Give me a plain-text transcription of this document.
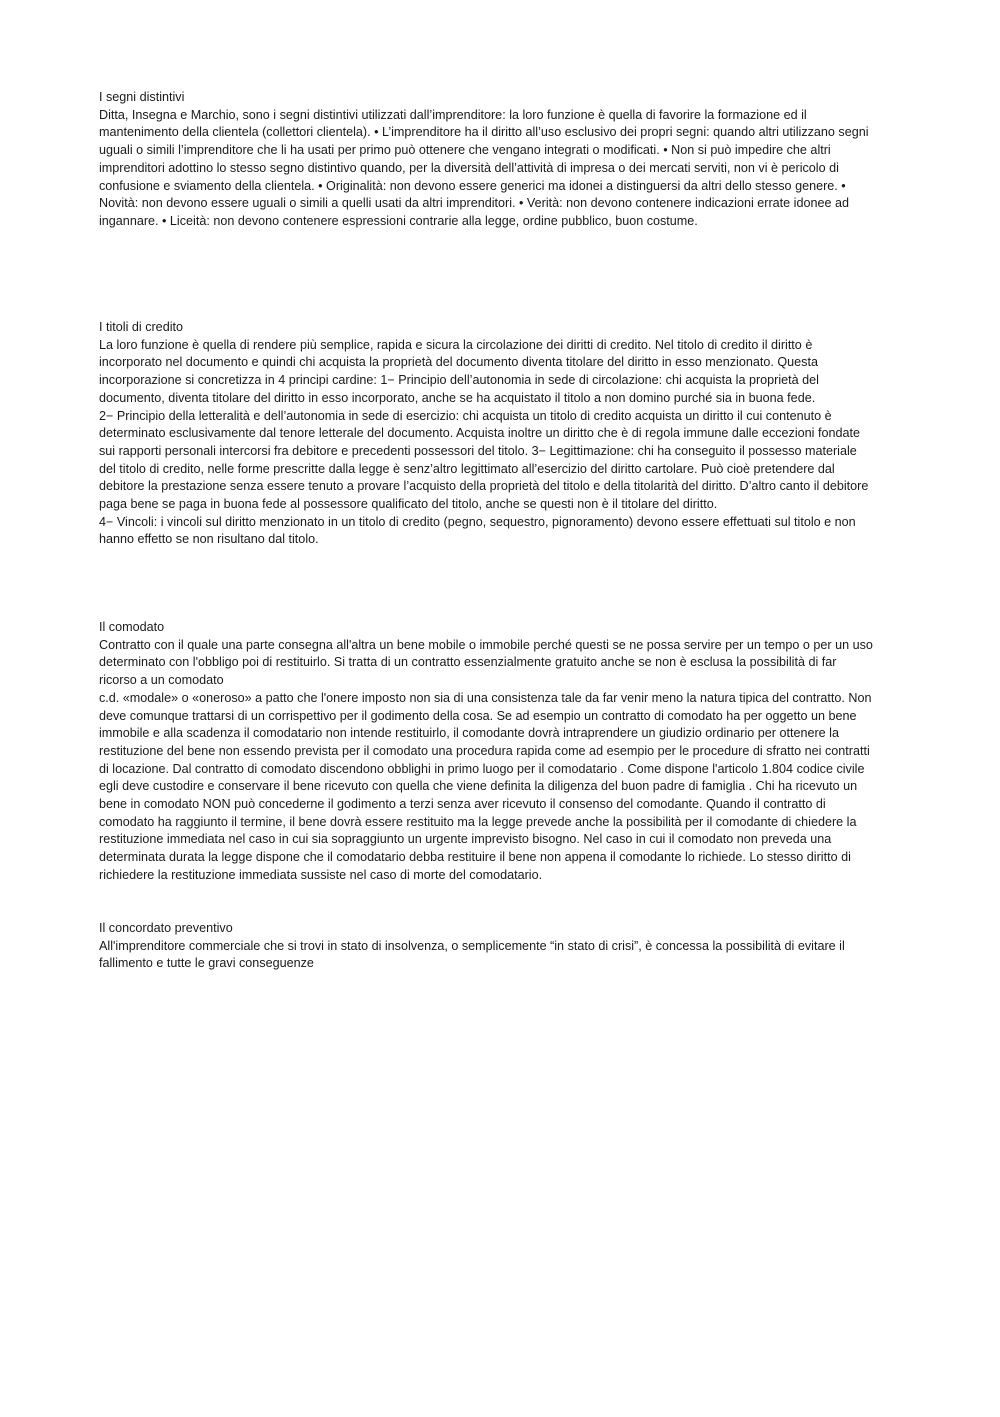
I segni distintivi

Ditta, Insegna e Marchio, sono i segni distintivi utilizzati dall’imprenditore: la loro funzione è quella di favorire la formazione ed il mantenimento della clientela (collettori clientela). • L’imprenditore ha il diritto all’uso esclusivo dei propri segni: quando altri utilizzano segni uguali o simili l’imprenditore che li ha usati per primo può ottenere che vengano integrati o modificati. • Non si può impedire che altri imprenditori adottino lo stesso segno distintivo quando, per la diversità dell’attività di impresa o dei mercati serviti, non vi è pericolo di confusione e sviamento della clientela. • Originalità: non devono essere generici ma idonei a distinguersi da altri dello stesso genere. • Novità: non devono essere uguali o simili a quelli usati da altri imprenditori. • Verità: non devono contenere indicazioni errate idonee ad ingannare. • Liceità: non devono contenere espressioni contrarie alla legge, ordine pubblico, buon costume.

I titoli di credito

La loro funzione è quella di rendere più semplice, rapida e sicura la circolazione dei diritti di credito. Nel titolo di credito il diritto è incorporato nel documento e quindi chi acquista la proprietà del documento diventa titolare del diritto in esso menzionato. Questa incorporazione si concretizza in 4 principi cardine: 1− Principio dell’autonomia in sede di circolazione: chi acquista la proprietà del documento, diventa titolare del diritto in esso incorporato, anche se ha acquistato il titolo a non domino purché sia in buona fede.

2− Principio della letteralità e dell’autonomia in sede di esercizio: chi acquista un titolo di credito acquista un diritto il cui contenuto è determinato esclusivamente dal tenore letterale del documento. Acquista inoltre un diritto che è di regola immune dalle eccezioni fondate sui rapporti personali intercorsi fra debitore e precedenti possessori del titolo. 3− Legittimazione: chi ha conseguito il possesso materiale del titolo di credito, nelle forme prescritte dalla legge è senz’altro legittimato all’esercizio del diritto cartolare. Può cioè pretendere dal debitore la prestazione senza essere tenuto a provare l’acquisto della proprietà del titolo e della titolarità del diritto. D’altro canto il debitore paga bene se paga in buona fede al possessore qualificato del titolo, anche se questi non è il titolare del diritto.

4− Vincoli: i vincoli sul diritto menzionato in un titolo di credito (pegno, sequestro, pignoramento) devono essere effettuati sul titolo e non hanno effetto se non risultano dal titolo.

Il comodato

Contratto con il quale una parte consegna all'altra un bene mobile o immobile perché questi se ne possa servire per un tempo o per un uso determinato con l'obbligo poi di restituirlo. Si tratta di un contratto essenzialmente gratuito anche se non è esclusa la possibilità di far ricorso a un comodato

c.d. «modale» o «oneroso» a patto che l'onere imposto non sia di una consistenza tale da far venir meno la natura tipica del contratto. Non deve comunque trattarsi di un corrispettivo per il godimento della cosa. Se ad esempio un contratto di comodato ha per oggetto un bene immobile e alla scadenza il comodatario non intende restituirlo, il comodante dovrà intraprendere un giudizio ordinario per ottenere la restituzione del bene non essendo prevista per il comodato una procedura rapida come ad esempio per le procedure di sfratto nei contratti di locazione. Dal contratto di comodato discendono obblighi in primo luogo per il comodatario . Come dispone l'articolo 1.804 codice civile egli deve custodire e conservare il bene ricevuto con quella che viene definita la diligenza del buon padre di famiglia . Chi ha ricevuto un bene in comodato NON può concederne il godimento a terzi senza aver ricevuto il consenso del comodante. Quando il contratto di comodato ha raggiunto il termine, il bene dovrà essere restituito ma la legge prevede anche la possibilità per il comodante di chiedere la restituzione immediata nel caso in cui sia sopraggiunto un urgente imprevisto bisogno. Nel caso in cui il comodato non preveda una determinata durata la legge dispone che il comodatario debba restituire il bene non appena il comodante lo richiede. Lo stesso diritto di richiedere la restituzione immediata sussiste nel caso di morte del comodatario.

Il concordato preventivo

All'imprenditore commerciale che si trovi in stato di insolvenza, o semplicemente “in stato di crisi”, è concessa la possibilità di evitare il fallimento e tutte le gravi conseguenze
